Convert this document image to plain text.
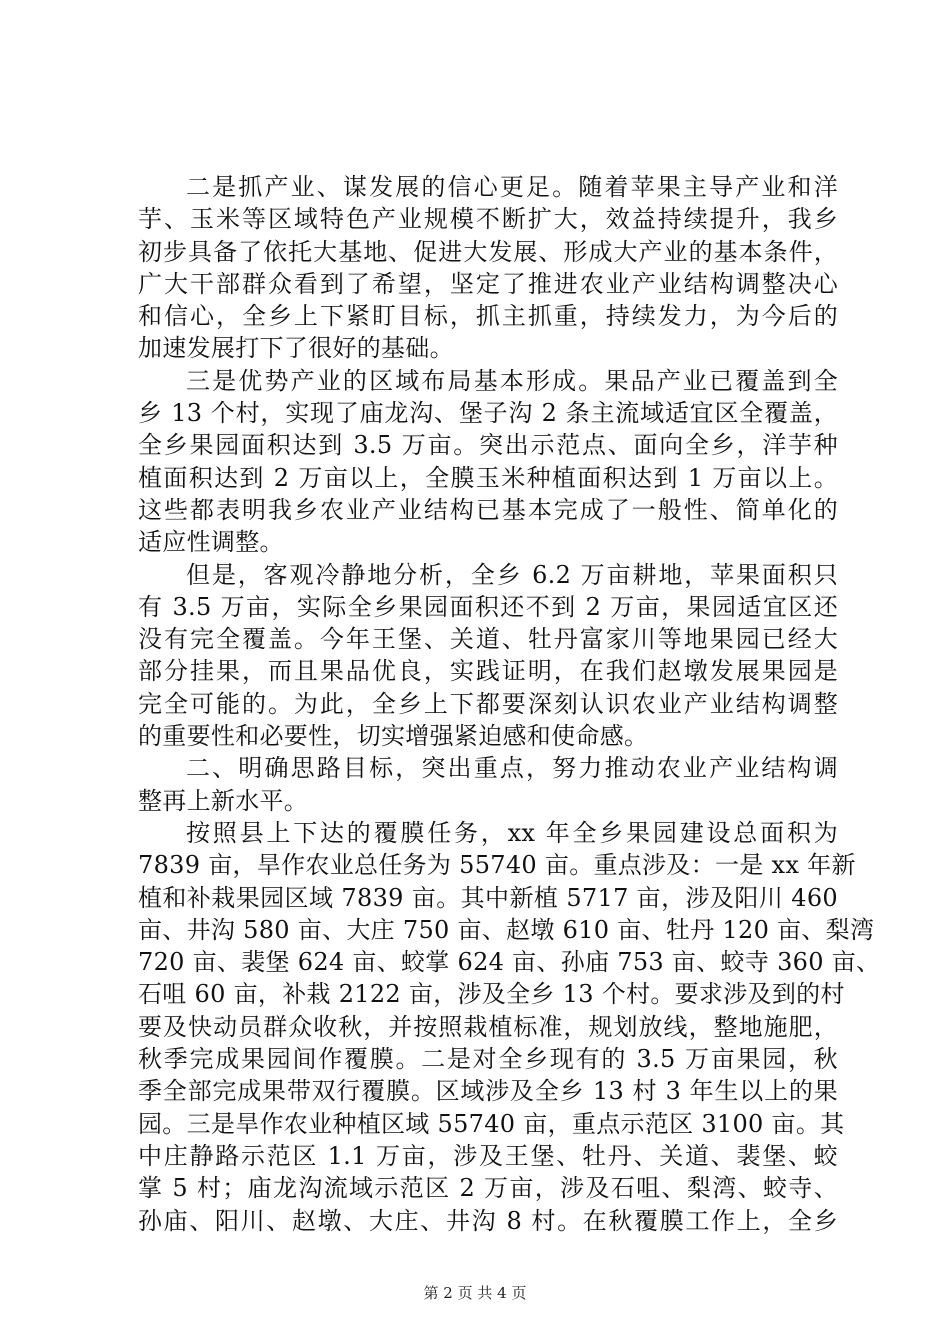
二是抓产业、谋发展的信心更足。随着苹果主导产业和洋
芋、玉米等区域特色产业规模不断扩大，效益持续提升，我乡
初步具备了依托大基地、促进大发展、形成大产业的基本条件，
广大干部群众看到了希望，坚定了推进农业产业结构调整决心
和信心，全乡上下紧盯目标，抓主抓重，持续发力，为今后的
加速发展打下了很好的基础。
三是优势产业的区域布局基本形成。果品产业已覆盖到全
乡 13 个村，实现了庙龙沟、堡子沟 2 条主流域适宜区全覆盖，
全乡果园面积达到 3.5 万亩。突出示范点、面向全乡，洋芋种
植面积达到 2 万亩以上，全膜玉米种植面积达到 1 万亩以上。
这些都表明我乡农业产业结构已基本完成了一般性、简单化的
适应性调整。
但是，客观冷静地分析，全乡 6.2 万亩耕地，苹果面积只
有 3.5 万亩，实际全乡果园面积还不到 2 万亩，果园适宜区还
没有完全覆盖。今年王堡、关道、牡丹富家川等地果园已经大
部分挂果，而且果品优良，实践证明，在我们赵墩发展果园是
完全可能的。为此，全乡上下都要深刻认识农业产业结构调整
的重要性和必要性，切实增强紧迫感和使命感。
二、明确思路目标，突出重点，努力推动农业产业结构调
整再上新水平。
按照县上下达的覆膜任务，xx 年全乡果园建设总面积为
7839 亩，旱作农业总任务为 55740 亩。重点涉及：一是 xx 年新
植和补栽果园区域 7839 亩。其中新植 5717 亩，涉及阳川 460
亩、井沟 580 亩、大庄 750 亩、赵墩 610 亩、牡丹 120 亩、梨湾
720 亩、裴堡 624 亩、蛟掌 624 亩、孙庙 753 亩、蛟寺 360 亩、
石咀 60 亩，补栽 2122 亩，涉及全乡 13 个村。要求涉及到的村
要及快动员群众收秋，并按照栽植标准，规划放线，整地施肥，
秋季完成果园间作覆膜。二是对全乡现有的 3.5 万亩果园，秋
季全部完成果带双行覆膜。区域涉及全乡 13 村 3 年生以上的果
园。三是旱作农业种植区域 55740 亩，重点示范区 3100 亩。其
中庄静路示范区 1.1 万亩，涉及王堡、牡丹、关道、裴堡、蛟
掌 5 村；庙龙沟流域示范区 2 万亩，涉及石咀、梨湾、蛟寺、
孙庙、阳川、赵墩、大庄、井沟 8 村。在秋覆膜工作上，全乡
第 2 页 共 4 页
